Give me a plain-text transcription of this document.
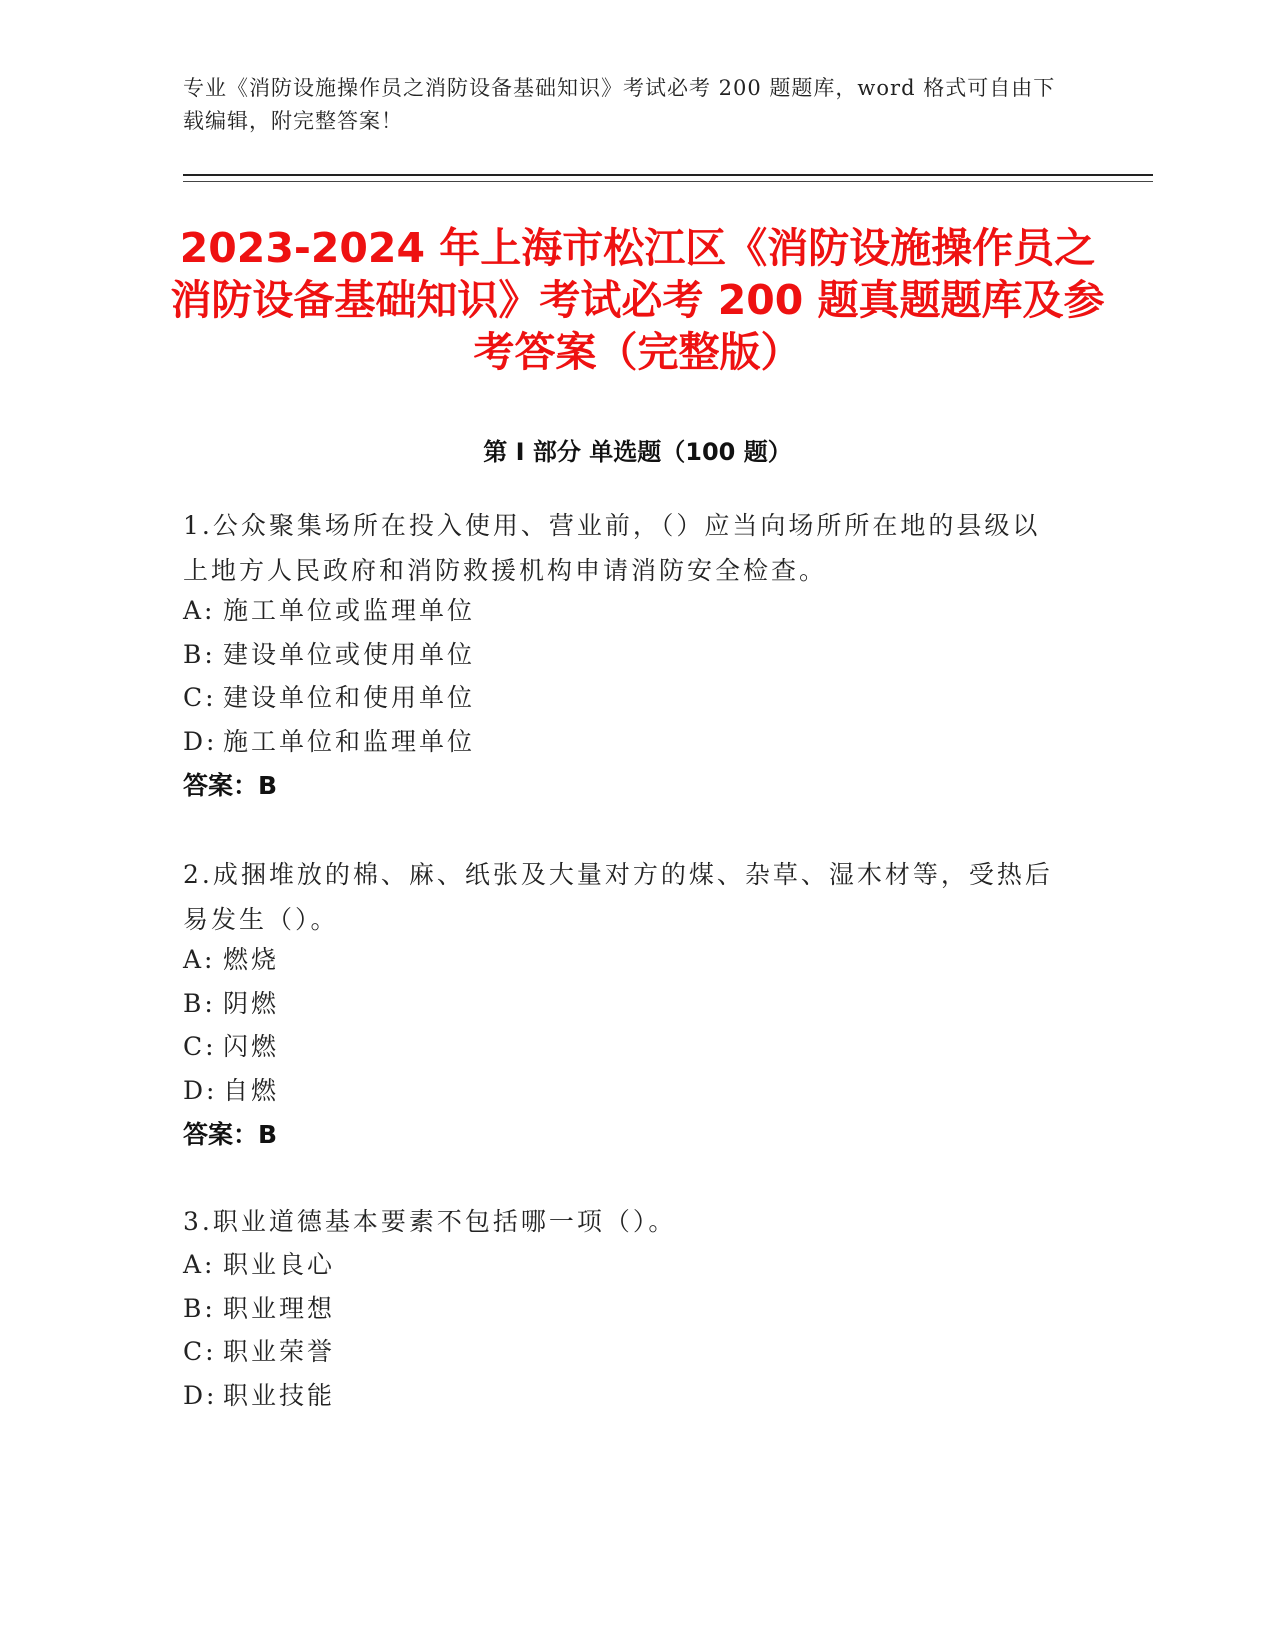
专业《消防设施操作员之消防设备基础知识》考试必考 200 题题库，word 格式可自由下载编辑，附完整答案！
2023-2024 年上海市松江区《消防设施操作员之消防设备基础知识》考试必考 200 题真题题库及参考答案（完整版）
第 I 部分 单选题（100 题）
1.公众聚集场所在投入使用、营业前，（）应当向场所所在地的县级以上地方人民政府和消防救援机构申请消防安全检查。
A: 施工单位或监理单位
B: 建设单位或使用单位
C: 建设单位和使用单位
D: 施工单位和监理单位
答案：B
2.成捆堆放的棉、麻、纸张及大量对方的煤、杂草、湿木材等，受热后易发生（）。
A: 燃烧
B: 阴燃
C: 闪燃
D: 自燃
答案：B
3.职业道德基本要素不包括哪一项（）。
A: 职业良心
B: 职业理想
C: 职业荣誉
D: 职业技能
